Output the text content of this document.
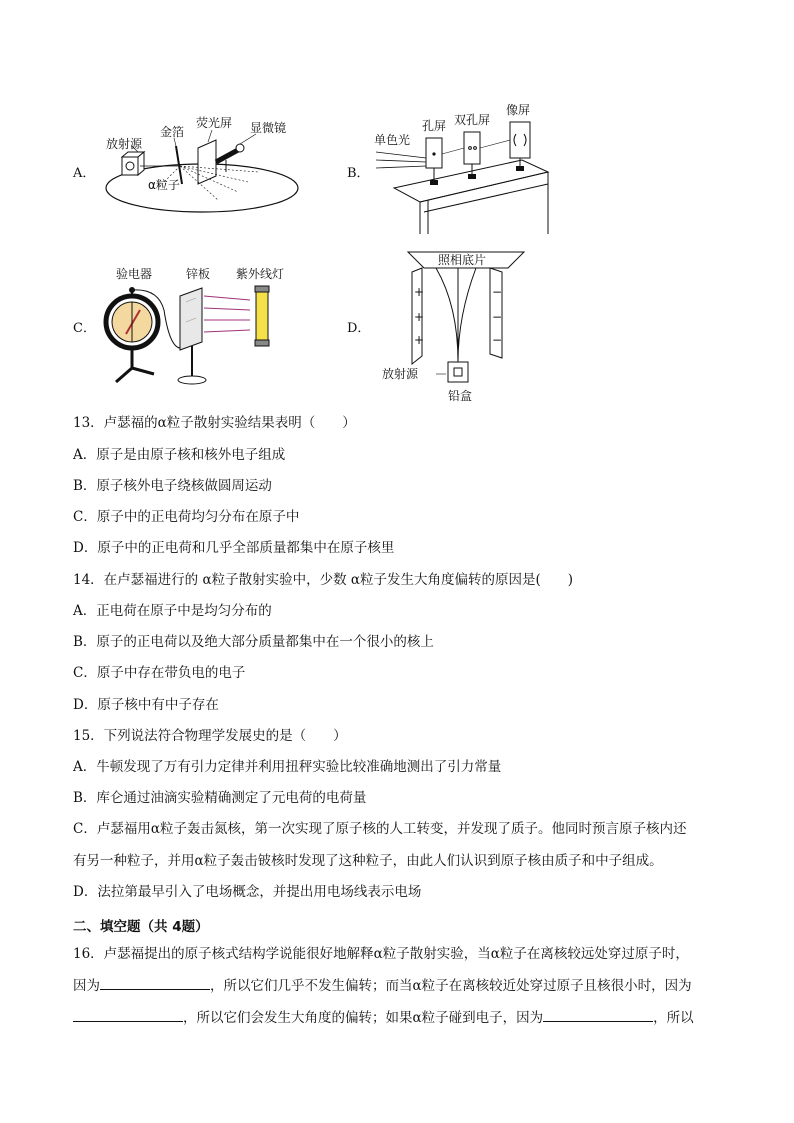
A．
放射源
金箔
荧光屏 显微镜
α粒子
B．
单色光
孔屏 双孔屏
像屏
C．
验电器	锌板 紫外线灯
D．
+
+
+
−
−
−
照相底片
放射源
铅盒
13．卢瑟福的α粒子散射实验结果表明（　　）
A．原子是由原子核和核外电子组成
B．原子核外电子绕核做圆周运动
C．原子中的正电荷均匀分布在原子中
D．原子中的正电荷和几乎全部质量都集中在原子核里
14．在卢瑟福进行的 α粒子散射实验中，少数 α粒子发生大角度偏转的原因是(　　)
A．正电荷在原子中是均匀分布的
B．原子的正电荷以及绝大部分质量都集中在一个很小的核上
C．原子中存在带负电的电子
D．原子核中有中子存在
15．下列说法符合物理学发展史的是（　　）
A．牛顿发现了万有引力定律并利用扭秤实验比较准确地测出了引力常量
B．库仑通过油滴实验精确测定了元电荷的电荷量
C．卢瑟福用α粒子轰击氮核，第一次实现了原子核的人工转变，并发现了质子。他同时预言原子核内还
有另一种粒子，并用α粒子轰击铍核时发现了这种粒子，由此人们认识到原子核由质子和中子组成。
D．法拉第最早引入了电场概念，并提出用电场线表示电场
二、填空题（共 4题）
16．卢瑟福提出的原子核式结构学说能很好地解释α粒子散射实验，当α粒子在离核较远处穿过原子时，
因为	，所以它们几乎不发生偏转；而当α粒子在离核较近处穿过原子且核很小时，因为
，所以它们会发生大角度的偏转；如果α粒子碰到电子，因为	，所以
